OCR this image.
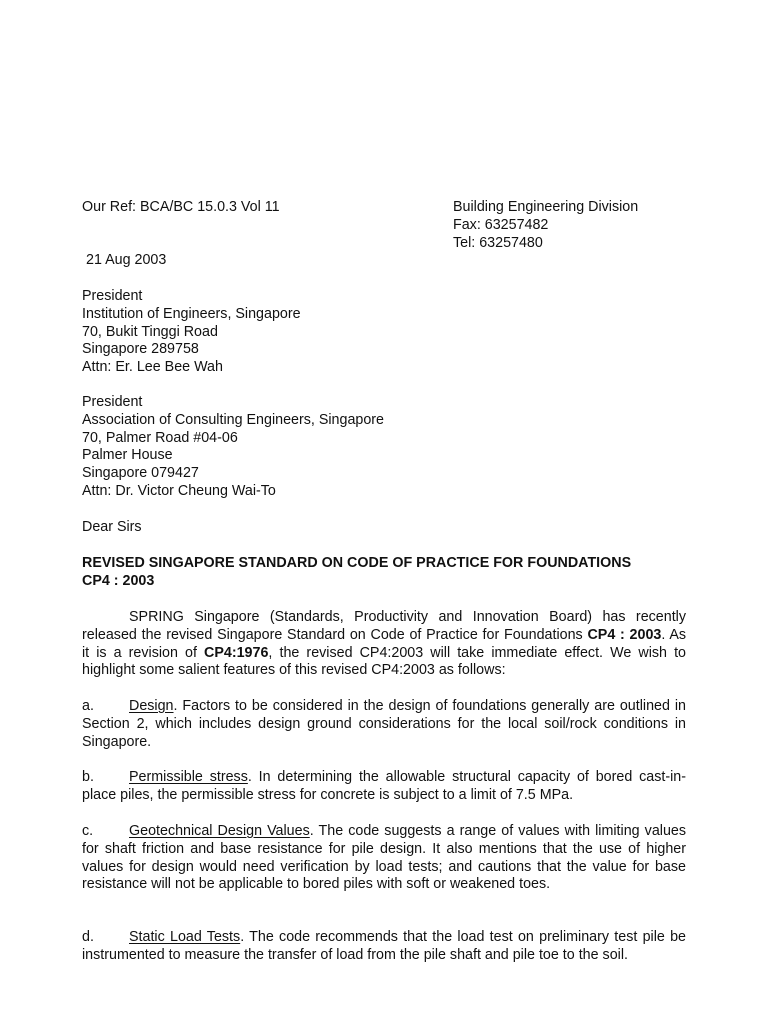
Our Ref: BCA/BC 15.0.3 Vol 11	Building Engineering Division
Fax: 63257482
Tel: 63257480
21 Aug 2003
President
Institution of Engineers, Singapore
70, Bukit Tinggi Road
Singapore 289758
Attn: Er. Lee Bee Wah
President
Association of Consulting Engineers, Singapore
70, Palmer Road #04-06
Palmer House
Singapore 079427
Attn: Dr. Victor Cheung Wai-To
Dear Sirs
REVISED SINGAPORE STANDARD ON CODE OF PRACTICE FOR FOUNDATIONS
CP4 : 2003
SPRING Singapore (Standards, Productivity and Innovation Board) has recently released the revised Singapore Standard on Code of Practice for Foundations CP4 : 2003. As it is a revision of CP4:1976, the revised CP4:2003 will take immediate effect. We wish to highlight some salient features of this revised CP4:2003 as follows:
a. Design. Factors to be considered in the design of foundations generally are outlined in Section 2, which includes design ground considerations for the local soil/rock conditions in Singapore.
b. Permissible stress. In determining the allowable structural capacity of bored cast-in-place piles, the permissible stress for concrete is subject to a limit of 7.5 MPa.
c.	Geotechnical Design Values. The code suggests a range of values with limiting values for shaft friction and base resistance for pile design. It also mentions that the use of higher values for design would need verification by load tests; and cautions that the value for base resistance will not be applicable to bored piles with soft or weakened toes.
d. Static Load Tests. The code recommends that the load test on preliminary test pile be instrumented to measure the transfer of load from the pile shaft and pile toe to the soil.
